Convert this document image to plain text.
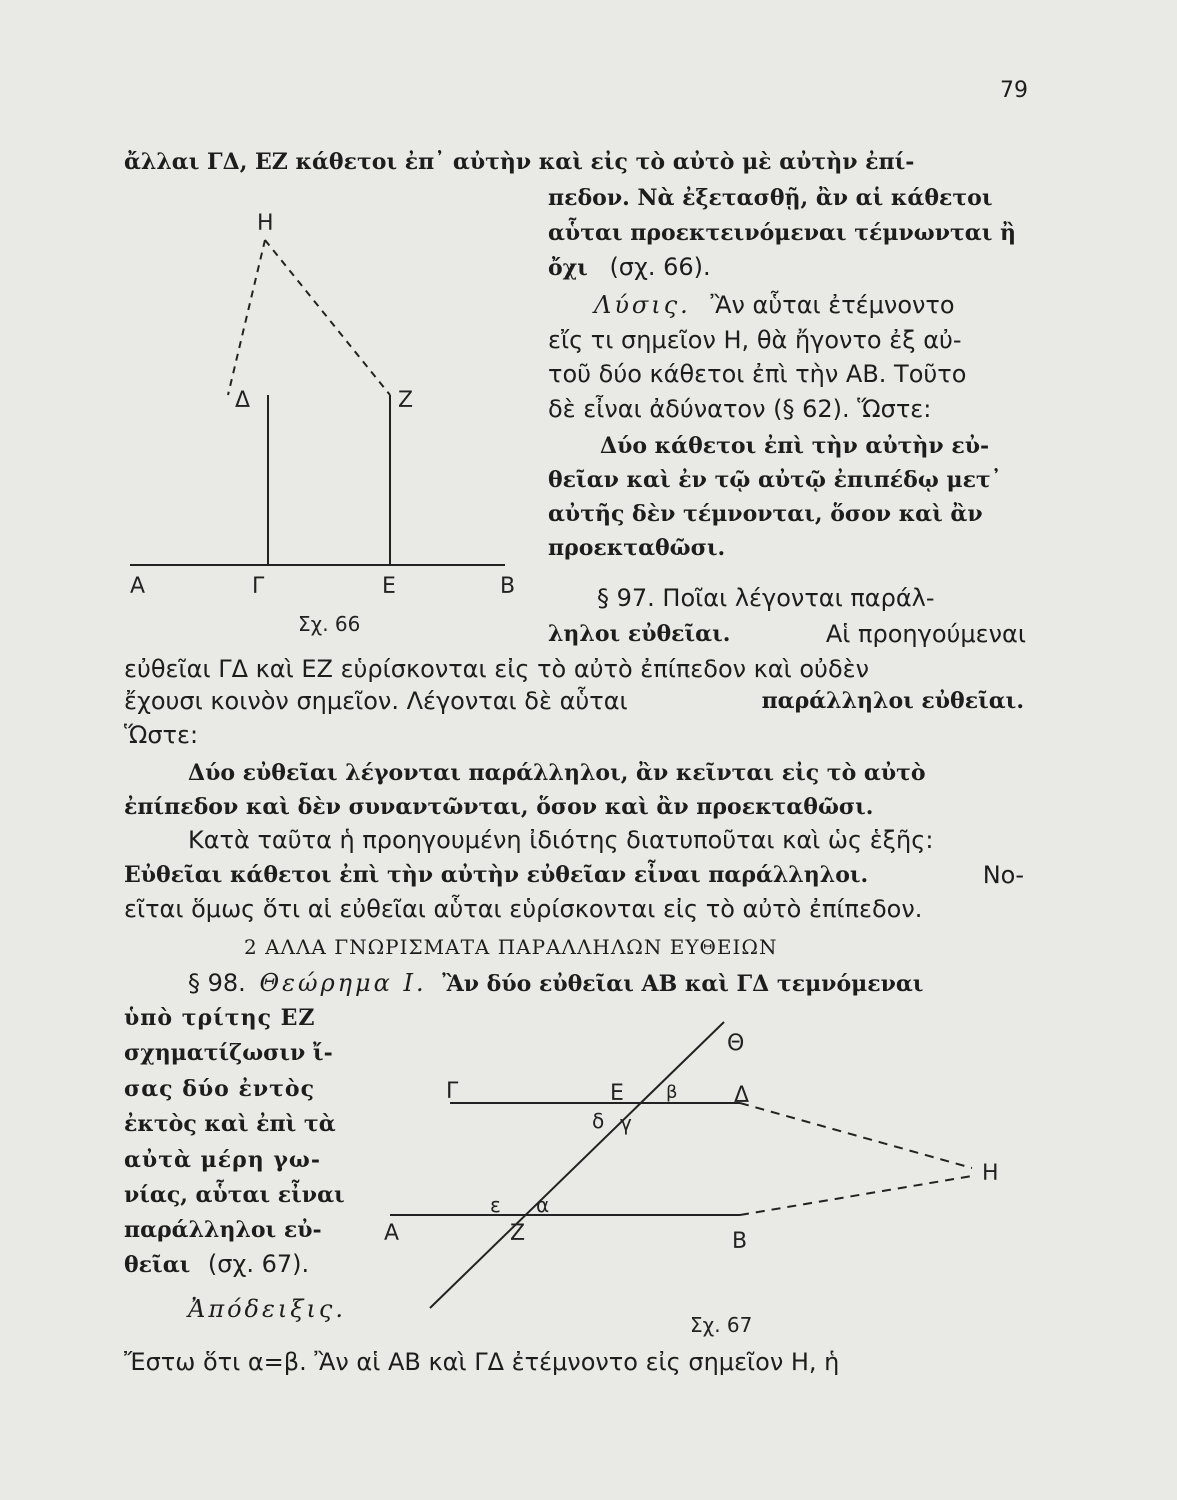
79
ἄλλαι ΓΔ, ΕΖ κάθετοι ἐπ᾿ αὐτὴν καὶ εἰς τὸ αὐτὸ μὲ αὐτὴν ἐπί-
πεδον. Νὰ ἐξετασθῇ, ἂν αἱ κάθετοι
αὗται προεκτεινόμεναι τέμνωνται ἢ
ὄχι (σχ. 66).
Λύσις. Ἂν αὗται ἐτέμνοντο
εἴς τι σημεῖον Η, θὰ ἤγοντο ἐξ αὐ-
τοῦ δύο κάθετοι ἐπὶ τὴν ΑΒ. Τοῦτο
δὲ εἶναι ἀδύνατον (§ 62). Ὥστε:
Δύο κάθετοι ἐπὶ τὴν αὐτὴν εὐ-
θεῖαν καὶ ἐν τῷ αὐτῷ ἐπιπέδῳ μετ᾿
αὐτῆς δὲν τέμνονται, ὅσον καὶ ἂν
προεκταθῶσι.
Η
Δ	Ζ
Α	Γ	Ε	Β
Σχ. 66
§ 97. Ποῖαι λέγονται παράλ-
ληλοι εὐθεῖαι.	Αἱ προηγούμεναι
εὐθεῖαι ΓΔ καὶ ΕΖ εὑρίσκονται εἰς τὸ αὐτὸ ἐπίπεδον καὶ οὐδὲν
ἔχουσι κοινὸν σημεῖον. Λέγονται δὲ αὗται	παράλληλοι εὐθεῖαι.
Ὥστε:
Δύο εὐθεῖαι λέγονται παράλληλοι, ἂν κεῖνται εἰς τὸ αὐτὸ
ἐπίπεδον καὶ δὲν συναντῶνται, ὅσον καὶ ἂν προεκταθῶσι.
Κατὰ ταῦτα ἡ προηγουμένη ἰδιότης διατυποῦται καὶ ὡς ἑξῆς:
Εὐθεῖαι κάθετοι ἐπὶ τὴν αὐτὴν εὐθεῖαν εἶναι παράλληλοι.	Νο-
εῖται ὅμως ὅτι αἱ εὐθεῖαι αὗται εὑρίσκονται εἰς τὸ αὐτὸ ἐπίπεδον.
2 ΑΛΛΑ ΓΝΩΡΙΣΜΑΤΑ ΠΑΡΑΛΛΗΛΩΝ ΕΥΘΕΙΩΝ
§ 98. Θεώρημα Ι. Ἂν δύο εὐθεῖαι ΑΒ καὶ ΓΔ τεμνόμεναι
ὑπὸ τρίτης ΕΖ
σχηματίζωσιν ἴ-
σας δύο ἐντὸς
ἐκτὸς καὶ ἐπὶ τὰ
αὐτὰ μέρη γω-
νίας, αὗται εἶναι
παράλληλοι εὐ-
θεῖαι (σχ. 67).
Ἀπόδειξις.
Ἔστω ὅτι α=β. Ἂν αἱ ΑΒ καὶ ΓΔ ἐτέμνοντο εἰς σημεῖον Η, ἡ
Θ
Γ	Ε β	Δ
δ γ
Η
ε α
Α	Ζ	Β
Σχ. 67
